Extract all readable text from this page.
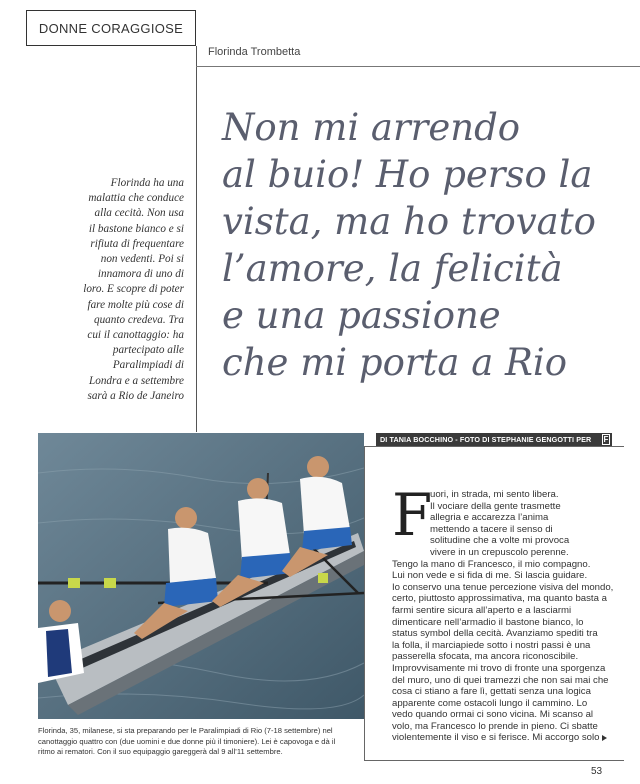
DONNE CORAGGIOSE
Florinda Trombetta
Non mi arrendo
al buio! Ho perso la
vista, ma ho trovato
l’amore, la felicità
e una passione
che mi porta a Rio
Florinda ha una
malattia che conduce
alla cecità. Non usa
il bastone bianco e si
rifiuta di frequentare
non vedenti. Poi si
innamora di uno di
loro. E scopre di poter
fare molte più cose di
quanto credeva. Tra
cui il canottaggio: ha
partecipato alle
Paralimpiadi di
Londra e a settembre
sarà a Rio de Janeiro
DI TANIA BOCCHINO - FOTO DI STEPHANIE GENGOTTI PER F
Florinda, 35, milanese, si sta preparando per le Paralimpiadi di Rio (7-18 settembre) nel
canottaggio quattro con (due uomini e due donne più il timoniere). Lei è capovoga e dà il
ritmo ai rematori. Con il suo equipaggio gareggerà dal 9 all’11 settembre.
F
uori, in strada, mi sento libera.
Il vociare della gente trasmette
allegria e accarezza l’anima
mettendo a tacere il senso di
solitudine che a volte mi provoca
vivere in un crepuscolo perenne.
Tengo la mano di Francesco, il mio compagno.
Lui non vede e si fida di me. Si lascia guidare.
Io conservo una tenue percezione visiva del mondo,
certo, piuttosto approssimativa, ma quanto basta a
farmi sentire sicura all’aperto e a lasciarmi
dimenticare nell’armadio il bastone bianco, lo
status symbol della cecità. Avanziamo spediti tra
la folla, il marciapiede sotto i nostri passi è una
passerella sfocata, ma ancora riconoscibile.
Improvvisamente mi trovo di fronte una sporgenza
del muro, uno di quei tramezzi che non sai mai che
cosa ci stiano a fare lì, gettati senza una logica
apparente come ostacoli lungo il cammino. Lo
vedo quando ormai ci sono vicina. Mi scanso al
volo, ma Francesco lo prende in pieno. Ci sbatte
violentemente il viso e si ferisce. Mi accorgo solo
53
